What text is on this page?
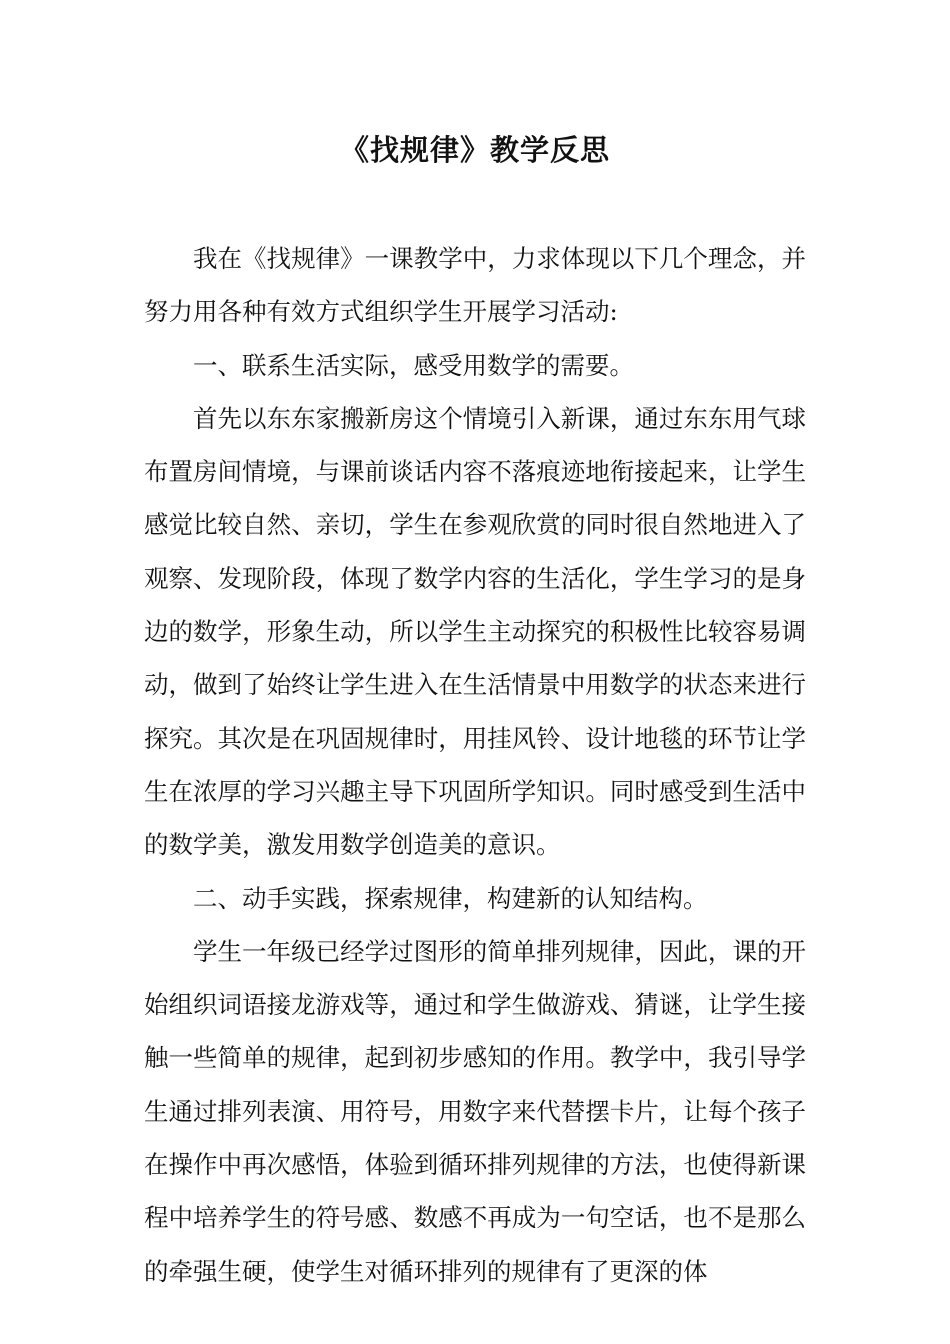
《找规律》教学反思

我在《找规律》一课教学中，力求体现以下几个理念，并努力用各种有效方式组织学生开展学习活动:

一、联系生活实际，感受用数学的需要。

首先以东东家搬新房这个情境引入新课，通过东东用气球布置房间情境，与课前谈话内容不落痕迹地衔接起来，让学生感觉比较自然、亲切，学生在参观欣赏的同时很自然地进入了观察、发现阶段，体现了数学内容的生活化，学生学习的是身边的数学，形象生动，所以学生主动探究的积极性比较容易调动，做到了始终让学生进入在生活情景中用数学的状态来进行探究。其次是在巩固规律时，用挂风铃、设计地毯的环节让学生在浓厚的学习兴趣主导下巩固所学知识。同时感受到生活中的数学美，激发用数学创造美的意识。

二、动手实践，探索规律，构建新的认知结构。

学生一年级已经学过图形的简单排列规律，因此，课的开始组织词语接龙游戏等，通过和学生做游戏、猜谜，让学生接触一些简单的规律，起到初步感知的作用。教学中，我引导学生通过排列表演、用符号，用数字来代替摆卡片，让每个孩子在操作中再次感悟，体验到循环排列规律的方法，也使得新课程中培养学生的符号感、数感不再成为一句空话，也不是那么的牵强生硬，使学生对循环排列的规律有了更深的体
